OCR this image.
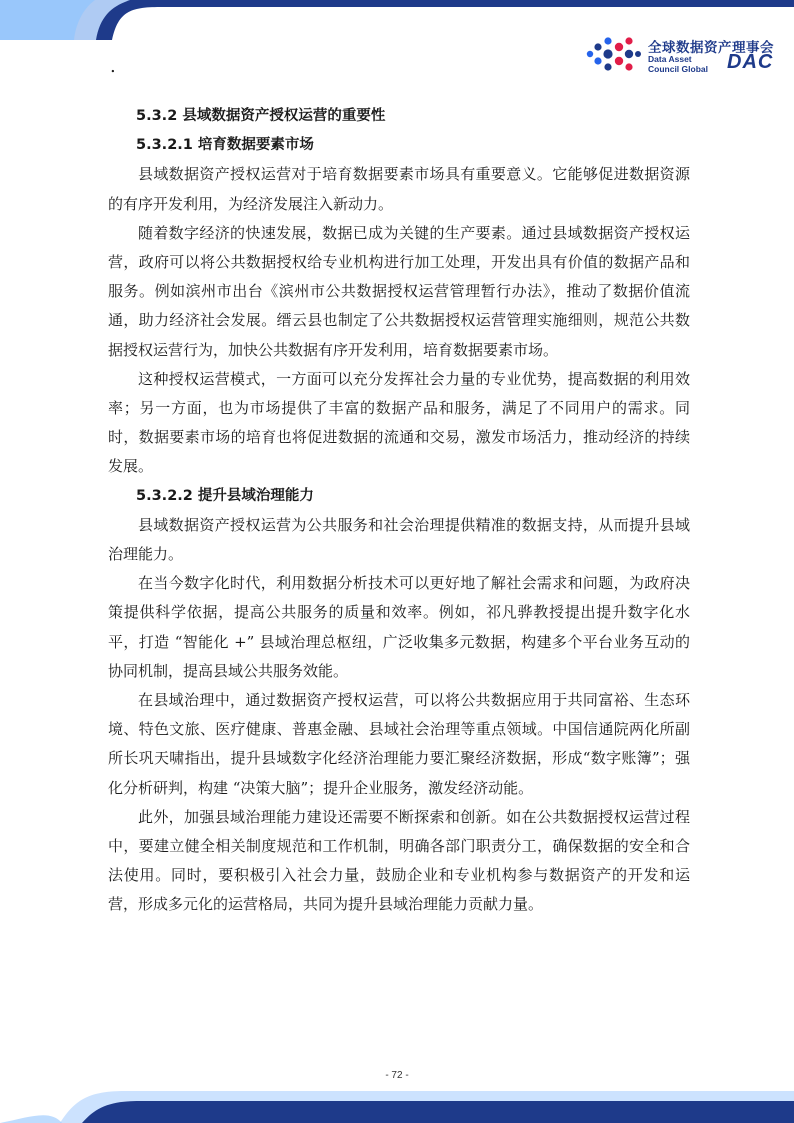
.
全球数据资产理事会
Data Asset
Council Global DAC

5.3.2 县域数据资产授权运营的重要性

5.3.2.1 培育数据要素市场

县域数据资产授权运营对于培育数据要素市场具有重要意义。它能够促进数据资源的有序开发利用，为经济发展注入新动力。

随着数字经济的快速发展，数据已成为关键的生产要素。通过县域数据资产授权运营，政府可以将公共数据授权给专业机构进行加工处理，开发出具有价值的数据产品和服务。例如滨州市出台《滨州市公共数据授权运营管理暂行办法》，推动了数据价值流通，助力经济社会发展。缙云县也制定了公共数据授权运营管理实施细则，规范公共数据授权运营行为，加快公共数据有序开发利用，培育数据要素市场。

这种授权运营模式，一方面可以充分发挥社会力量的专业优势，提高数据的利用效率；另一方面，也为市场提供了丰富的数据产品和服务，满足了不同用户的需求。同时，数据要素市场的培育也将促进数据的流通和交易，激发市场活力，推动经济的持续发展。

5.3.2.2 提升县域治理能力

县域数据资产授权运营为公共服务和社会治理提供精准的数据支持，从而提升县域治理能力。

在当今数字化时代，利用数据分析技术可以更好地了解社会需求和问题，为政府决策提供科学依据，提高公共服务的质量和效率。例如，祁凡骅教授提出提升数字化水平，打造 “智能化 +” 县域治理总枢纽，广泛收集多元数据，构建多个平台业务互动的协同机制，提高县域公共服务效能。

在县域治理中，通过数据资产授权运营，可以将公共数据应用于共同富裕、生态环境、特色文旅、医疗健康、普惠金融、县域社会治理等重点领域。中国信通院两化所副所长巩天啸指出，提升县域数字化经济治理能力要汇聚经济数据，形成“数字账簿”；强化分析研判，构建 “决策大脑”；提升企业服务，激发经济动能。

此外，加强县域治理能力建设还需要不断探索和创新。如在公共数据授权运营过程中，要建立健全相关制度规范和工作机制，明确各部门职责分工，确保数据的安全和合法使用。同时，要积极引入社会力量，鼓励企业和专业机构参与数据资产的开发和运营，形成多元化的运营格局，共同为提升县域治理能力贡献力量。

- 72 -
